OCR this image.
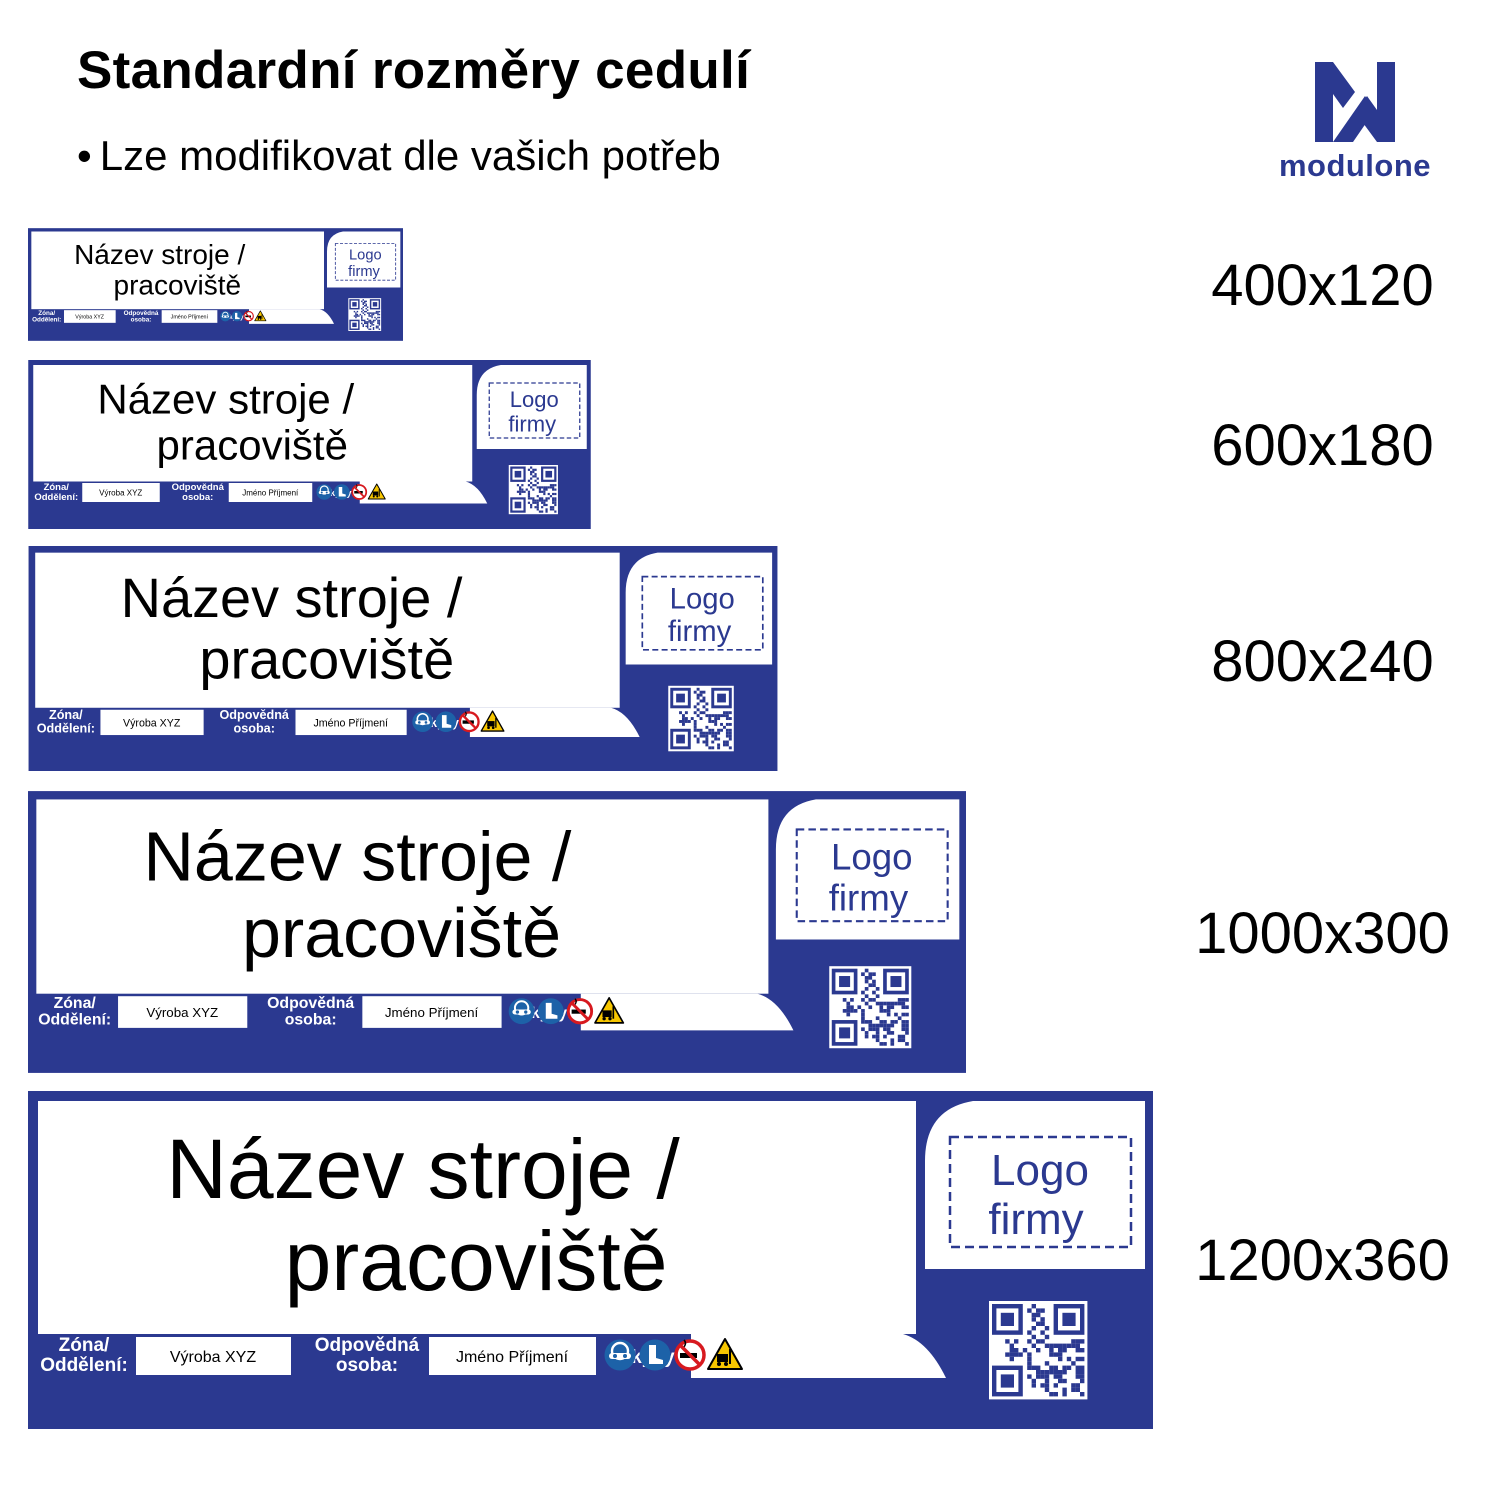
Standardní rozměry cedulí

• Lze modifikovat dle vašich potřeb	modulone
Logo
firmy
Název stroje /
pracoviště
Zóna/
Oddělení: Výroba XYZ
Odpovědná
osoba: Jméno Příjmení	400x120
Logo
firmy
Název stroje /
pracoviště
Zóna/
Oddělení: Výroba XYZ Odpovědná
osoba: Jméno Příjmení
600x180
Logo
firmy
Název stroje /
pracoviště
Zóna/
Oddělení: Výroba XYZ
Odpovědná
osoba: Jméno Příjmení
800x240
Logo
firmy
Název stroje /
pracoviště
Zóna/
Oddělení: Výroba XYZ
Odpovědná
osoba:	Jméno Příjmení
1000x300
Logo
firmy
Název stroje /
pracoviště
Zóna/
Oddělení:	Výroba XYZ
Odpovědná
osoba:	Jméno Příjmení
1200x360
